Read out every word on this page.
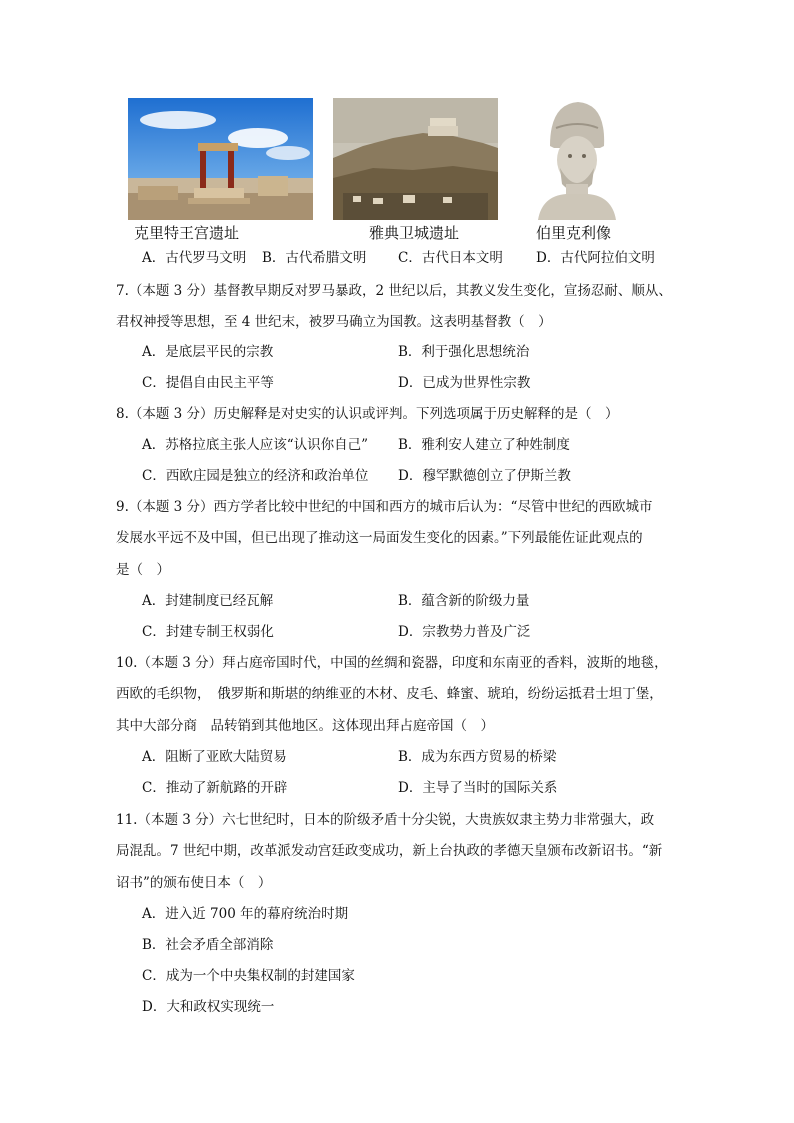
克里特王宫遗址	雅典卫城遗址	伯里克利像
A．古代罗马文明 B．古代希腊文明 C．古代日本文明 D．古代阿拉伯文明
7.（本题 3 分）基督教早期反对罗马暴政，2 世纪以后，其教义发生变化，宣扬忍耐、顺从、
君权神授等思想，至 4 世纪末，被罗马确立为国教。这表明基督教（　）
A．是底层平民的宗教	B．利于强化思想统治
C．提倡自由民主平等	D．已成为世界性宗教
8.（本题 3 分）历史解释是对史实的认识或评判。下列选项属于历史解释的是（　）
A．苏格拉底主张人应该“认识你自己” B．雅利安人建立了种姓制度
C．西欧庄园是独立的经济和政治单位 D．穆罕默德创立了伊斯兰教
9.（本题 3 分）西方学者比较中世纪的中国和西方的城市后认为：“尽管中世纪的西欧城市
发展水平远不及中国，但已出现了推动这一局面发生变化的因素。”下列最能佐证此观点的
是（　）
A．封建制度已经瓦解	B．蕴含新的阶级力量
C．封建专制王权弱化	D．宗教势力普及广泛
10.（本题 3 分）拜占庭帝国时代，中国的丝绸和瓷器，印度和东南亚的香料，波斯的地毯，
西欧的毛织物，　俄罗斯和斯堪的纳维亚的木材、皮毛、蜂蜜、琥珀，纷纷运抵君士坦丁堡，
其中大部分商　品转销到其他地区。这体现出拜占庭帝国（　）
A．阻断了亚欧大陆贸易	B．成为东西方贸易的桥梁
C．推动了新航路的开辟	D．主导了当时的国际关系
11.（本题 3 分）六七世纪时，日本的阶级矛盾十分尖锐，大贵族奴隶主势力非常强大，政
局混乱。7 世纪中期，改革派发动宫廷政变成功，新上台执政的孝德天皇颁布改新诏书。“新
诏书”的颁布使日本（　）
A．进入近 700 年的幕府统治时期
B．社会矛盾全部消除
C．成为一个中央集权制的封建国家
D．大和政权实现统一
